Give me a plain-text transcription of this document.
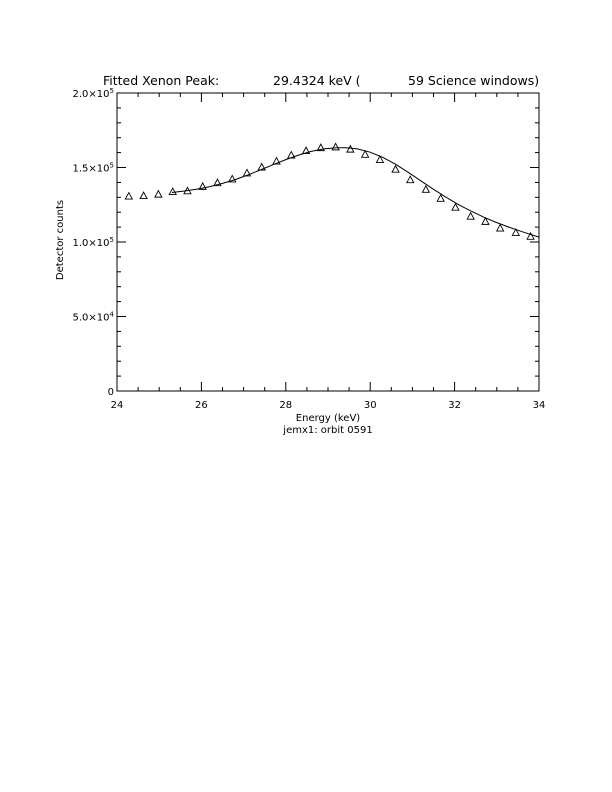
Fitted Xenon Peak:	29.4324 keV (	59 Science windows)
24	26	28	30	32	34
0
$5.0\times 10^4$
$1.0\times 10^5$
$1.5\times 10^5$
$2.0\times 10^5$
Energy (keV)
jemx1: orbit 0591
Detector counts
